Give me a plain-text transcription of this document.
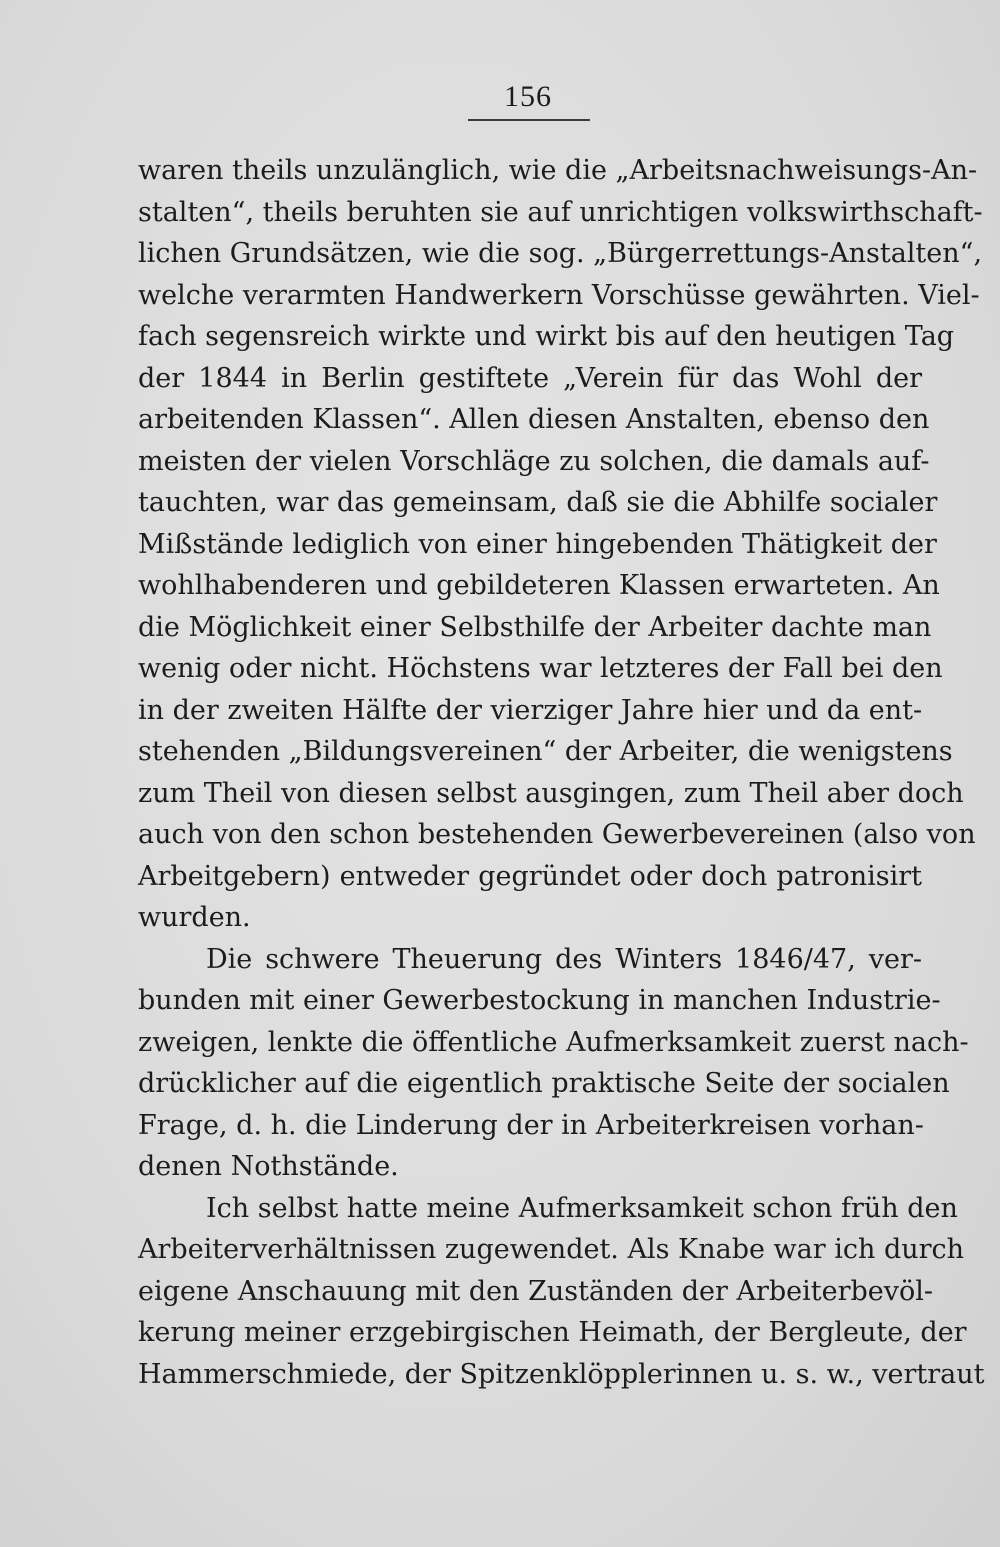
156
waren theils unzulänglich, wie die „Arbeitsnachweisungs-An-
stalten“, theils beruhten sie auf unrichtigen volkswirthschaft-
lichen Grundsätzen, wie die sog. „Bürgerrettungs-Anstalten“,
welche verarmten Handwerkern Vorschüsse gewährten. Viel-
fach segensreich wirkte und wirkt bis auf den heutigen Tag
der 1844 in Berlin gestiftete „Verein für das Wohl der
arbeitenden Klassen“. Allen diesen Anstalten, ebenso den
meisten der vielen Vorschläge zu solchen, die damals auf-
tauchten, war das gemeinsam, daß sie die Abhilfe socialer
Mißstände lediglich von einer hingebenden Thätigkeit der
wohlhabenderen und gebildeteren Klassen erwarteten. An
die Möglichkeit einer Selbsthilfe der Arbeiter dachte man
wenig oder nicht. Höchstens war letzteres der Fall bei den
in der zweiten Hälfte der vierziger Jahre hier und da ent-
stehenden „Bildungsvereinen“ der Arbeiter, die wenigstens
zum Theil von diesen selbst ausgingen, zum Theil aber doch
auch von den schon bestehenden Gewerbevereinen (also von
Arbeitgebern) entweder gegründet oder doch patronisirt
wurden.
Die schwere Theuerung des Winters 1846/47, ver-
bunden mit einer Gewerbestockung in manchen Industrie-
zweigen, lenkte die öffentliche Aufmerksamkeit zuerst nach-
drücklicher auf die eigentlich praktische Seite der socialen
Frage, d. h. die Linderung der in Arbeiterkreisen vorhan-
denen Nothstände.
Ich selbst hatte meine Aufmerksamkeit schon früh den
Arbeiterverhältnissen zugewendet. Als Knabe war ich durch
eigene Anschauung mit den Zuständen der Arbeiterbevöl-
kerung meiner erzgebirgischen Heimath, der Bergleute, der
Hammerschmiede, der Spitzenklöpplerinnen u. s. w., vertraut
